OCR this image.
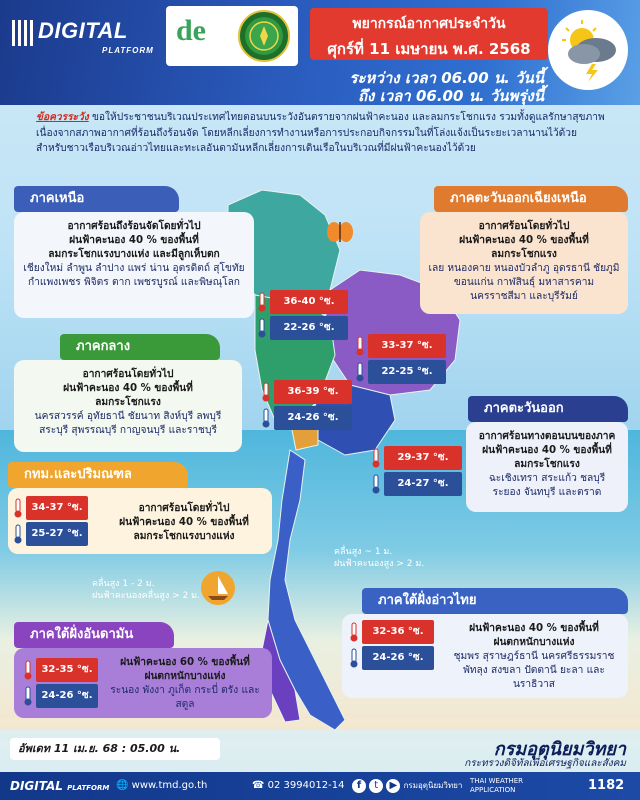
DIGITAL
PLATFORM
de	พยากรณ์อากาศประจำวัน
ศุกร์ที่ 11 เมษายน พ.ศ. 2568
ระหว่าง เวลา 06.00 น. วันนี้
ถึง เวลา 06.00 น. วันพรุ่งนี้
ข้อควรระวัง ขอให้ประชาชนบริเวณประเทศไทยตอนบนระวังอันตรายจากฝนฟ้าคะนอง และลมกระโชกแรง รวมทั้งดูแลรักษาสุขภาพเนื่องจากสภาพอากาศที่ร้อนถึงร้อนจัด โดยหลีกเลี่ยงการทำงานหรือการประกอบกิจกรรมในที่โล่งแจ้งเป็นระยะเวลานานไว้ด้วย สำหรับชาวเรือบริเวณอ่าวไทยและทะเลอันดามันหลีกเลี่ยงการเดินเรือในบริเวณที่มีฝนฟ้าคะนองไว้ด้วย
ภาคเหนือ
อากาศร้อนถึงร้อนจัดโดยทั่วไป
ฝนฟ้าคะนอง 40 % ของพื้นที่
ลมกระโชกแรงบางแห่ง และมีลูกเห็บตก
เชียงใหม่ ลำพูน ลำปาง แพร่ น่าน อุตรดิตถ์ สุโขทัย กำแพงเพชร พิจิตร ตาก เพชรบูรณ์ และพิษณุโลก
36-40 °ซ.
22-26 °ซ.
ภาคตะวันออกเฉียงเหนือ
อากาศร้อนโดยทั่วไป
ฝนฟ้าคะนอง 40 % ของพื้นที่
ลมกระโชกแรง
เลย หนองคาย หนองบัวลำภู อุดรธานี ชัยภูมิ ขอนแก่น กาฬสินธุ์ มหาสารคาม นครราชสีมา และบุรีรัมย์
33-37 °ซ.
22-25 °ซ.
ภาคกลาง
อากาศร้อนโดยทั่วไป
ฝนฟ้าคะนอง 40 % ของพื้นที่
ลมกระโชกแรง
นครสวรรค์ อุทัยธานี ชัยนาท สิงห์บุรี ลพบุรี สระบุรี สุพรรณบุรี กาญจนบุรี และราชบุรี
36-39 °ซ.
24-26 °ซ.
ภาคตะวันออก
อากาศร้อนทางตอนบนของภาค
ฝนฟ้าคะนอง 40 % ของพื้นที่
ลมกระโชกแรง
ฉะเชิงเทรา สระแก้ว ชลบุรี ระยอง จันทบุรี และตราด
29-37 °ซ.
24-27 °ซ.
กทม.และปริมณฑล
อากาศร้อนโดยทั่วไป
ฝนฟ้าคะนอง 40 % ของพื้นที่
ลมกระโชกแรงบางแห่ง
34-37 °ซ.
25-27 °ซ.
คลื่นสูง ~ 1 ม.
ฝนฟ้าคะนองสูง > 2 ม.
คลื่นสูง 1 - 2 ม.
ฝนฟ้าคะนองคลื่นสูง > 2 ม.	ภาคใต้ฝั่งอ่าวไทย
ฝนฟ้าคะนอง 40 % ของพื้นที่
ฝนตกหนักบางแห่ง
ชุมพร สุราษฎร์ธานี นครศรีธรรมราช พัทลุง สงขลา ปัตตานี ยะลา และนราธิวาส
32-36 °ซ.
24-26 °ซ.
ภาคใต้ฝั่งอันดามัน
ฝนฟ้าคะนอง 60 % ของพื้นที่
ฝนตกหนักบางแห่ง
ระนอง พังงา ภูเก็ต กระบี่ ตรัง และสตูล
32-35 °ซ.
24-26 °ซ.
อัพเดท 11 เม.ย. 68 : 05.00 น.	กรมอุตุนิยมวิทยา
กระทรวงดิจิทัลเพื่อเศรษฐกิจและสังคม
DIGITAL PLATFORM 🌐 www.tmd.go.th	☎ 02 3994012-14	f t ▶ กรมอุตุนิยมวิทยา THAI WEATHER APPLICATION	1182
